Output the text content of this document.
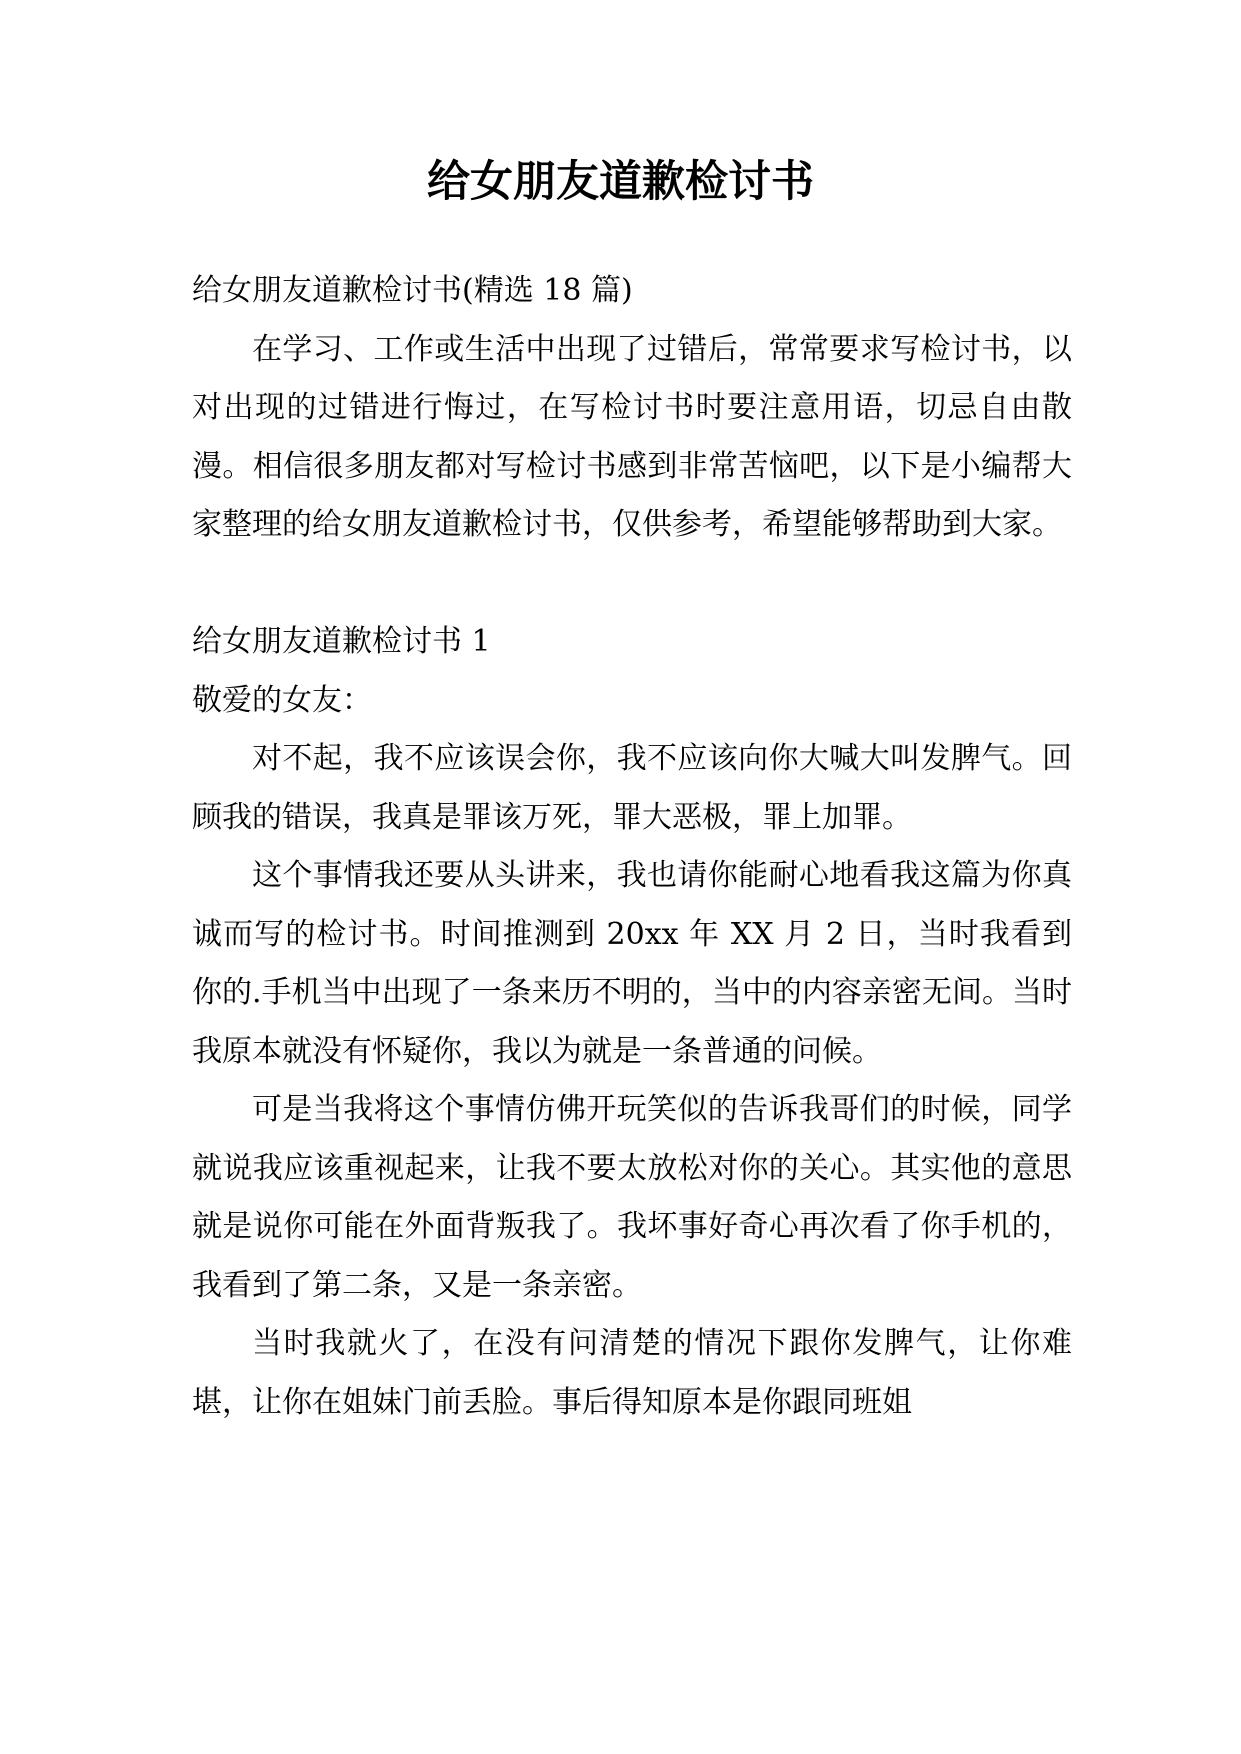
给女朋友道歉检讨书

给女朋友道歉检讨书(精选 18 篇)

在学习、工作或生活中出现了过错后，常常要求写检讨书，以对出现的过错进行悔过，在写检讨书时要注意用语，切忌自由散漫。相信很多朋友都对写检讨书感到非常苦恼吧，以下是小编帮大家整理的给女朋友道歉检讨书，仅供参考，希望能够帮助到大家。

给女朋友道歉检讨书 1

敬爱的女友：

对不起，我不应该误会你，我不应该向你大喊大叫发脾气。回顾我的错误，我真是罪该万死，罪大恶极，罪上加罪。

这个事情我还要从头讲来，我也请你能耐心地看我这篇为你真诚而写的检讨书。时间推测到 20xx 年 XX 月 2 日，当时我看到你的.手机当中出现了一条来历不明的，当中的内容亲密无间。当时我原本就没有怀疑你，我以为就是一条普通的问候。

可是当我将这个事情仿佛开玩笑似的告诉我哥们的时候，同学就说我应该重视起来，让我不要太放松对你的关心。其实他的意思就是说你可能在外面背叛我了。我坏事好奇心再次看了你手机的，我看到了第二条，又是一条亲密。

当时我就火了，在没有问清楚的情况下跟你发脾气，让你难堪，让你在姐妹门前丢脸。事后得知原本是你跟同班姐
